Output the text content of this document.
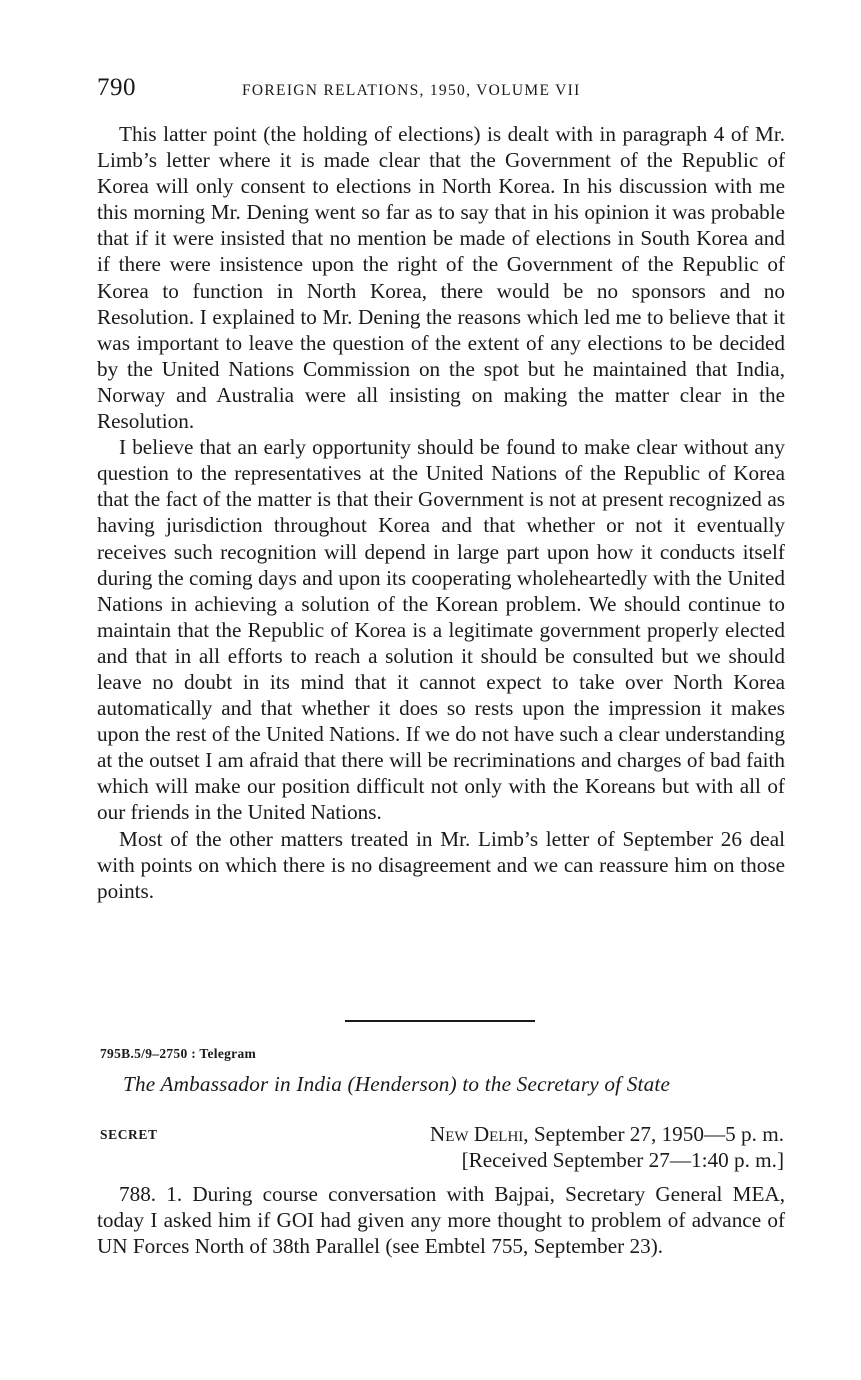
790	FOREIGN RELATIONS, 1950, VOLUME VII

This latter point (the holding of elections) is dealt with in paragraph 4 of Mr. Limb’s letter where it is made clear that the Government of the Republic of Korea will only consent to elections in North Korea. In his discussion with me this morning Mr. Dening went so far as to say that in his opinion it was probable that if it were insisted that no mention be made of elections in South Korea and if there were insistence upon the right of the Government of the Republic of Korea to function in North Korea, there would be no sponsors and no Resolution. I explained to Mr. Dening the reasons which led me to believe that it was important to leave the question of the extent of any elections to be decided by the United Nations Commission on the spot but he maintained that India, Norway and Australia were all insisting on making the matter clear in the Resolution.

I believe that an early opportunity should be found to make clear without any question to the representatives at the United Nations of the Republic of Korea that the fact of the matter is that their Government is not at present recognized as having jurisdiction throughout Korea and that whether or not it eventually receives such recognition will depend in large part upon how it conducts itself during the coming days and upon its cooperating wholeheartedly with the United Nations in achieving a solution of the Korean problem. We should continue to maintain that the Republic of Korea is a legitimate government properly elected and that in all efforts to reach a solution it should be consulted but we should leave no doubt in its mind that it cannot expect to take over North Korea automatically and that whether it does so rests upon the impression it makes upon the rest of the United Nations. If we do not have such a clear understanding at the outset I am afraid that there will be recriminations and charges of bad faith which will make our position difficult not only with the Koreans but with all of our friends in the United Nations.

Most of the other matters treated in Mr. Limb’s letter of September 26 deal with points on which there is no disagreement and we can reassure him on those points.

795B.5/9–2750 : Telegram
The Ambassador in India (Henderson) to the Secretary of State
SECRET	New Delhi, September 27, 1950—5 p. m.
[Received September 27—1:40 p. m.]

788. 1. During course conversation with Bajpai, Secretary General MEA, today I asked him if GOI had given any more thought to problem of advance of UN Forces North of 38th Parallel (see Embtel 755, September 23).
